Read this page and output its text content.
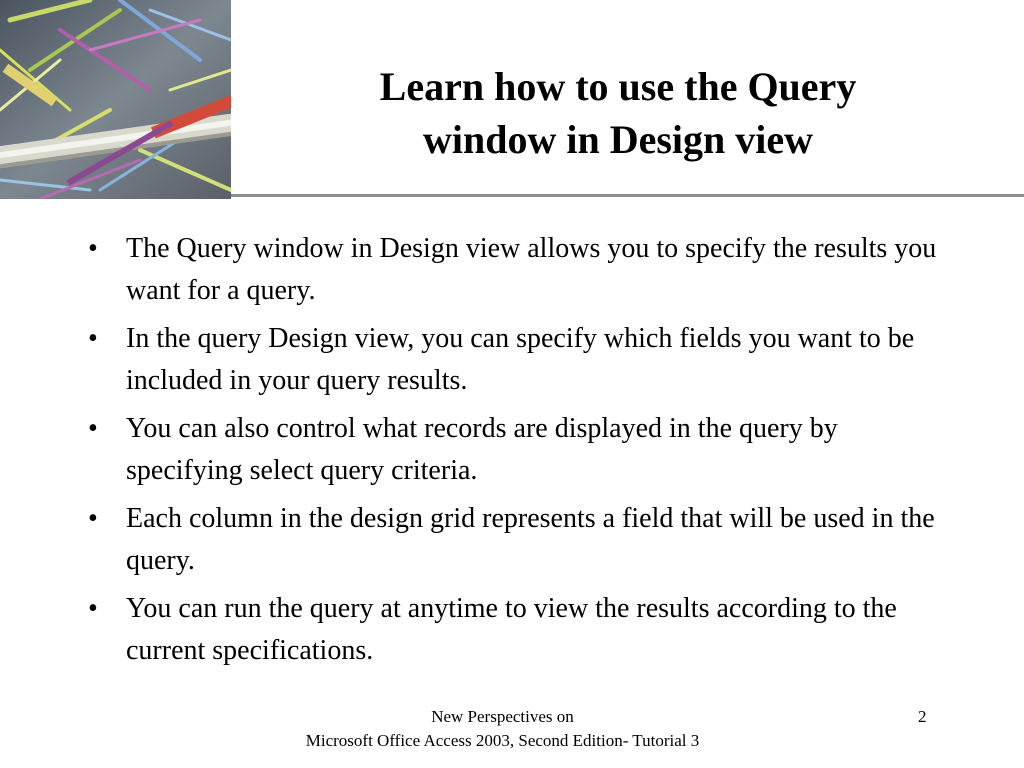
Learn how to use the Query
window in Design view
• The Query window in Design view allows you to specify the results you want for a query.
• In the query Design view, you can specify which fields you want to be included in your query results.
• You can also control what records are displayed in the query by specifying select query criteria.
• Each column in the design grid represents a field that will be used in the query.
• You can run the query at anytime to view the results according to the current specifications.
New Perspectives on
Microsoft Office Access 2003, Second Edition- Tutorial 3
2
